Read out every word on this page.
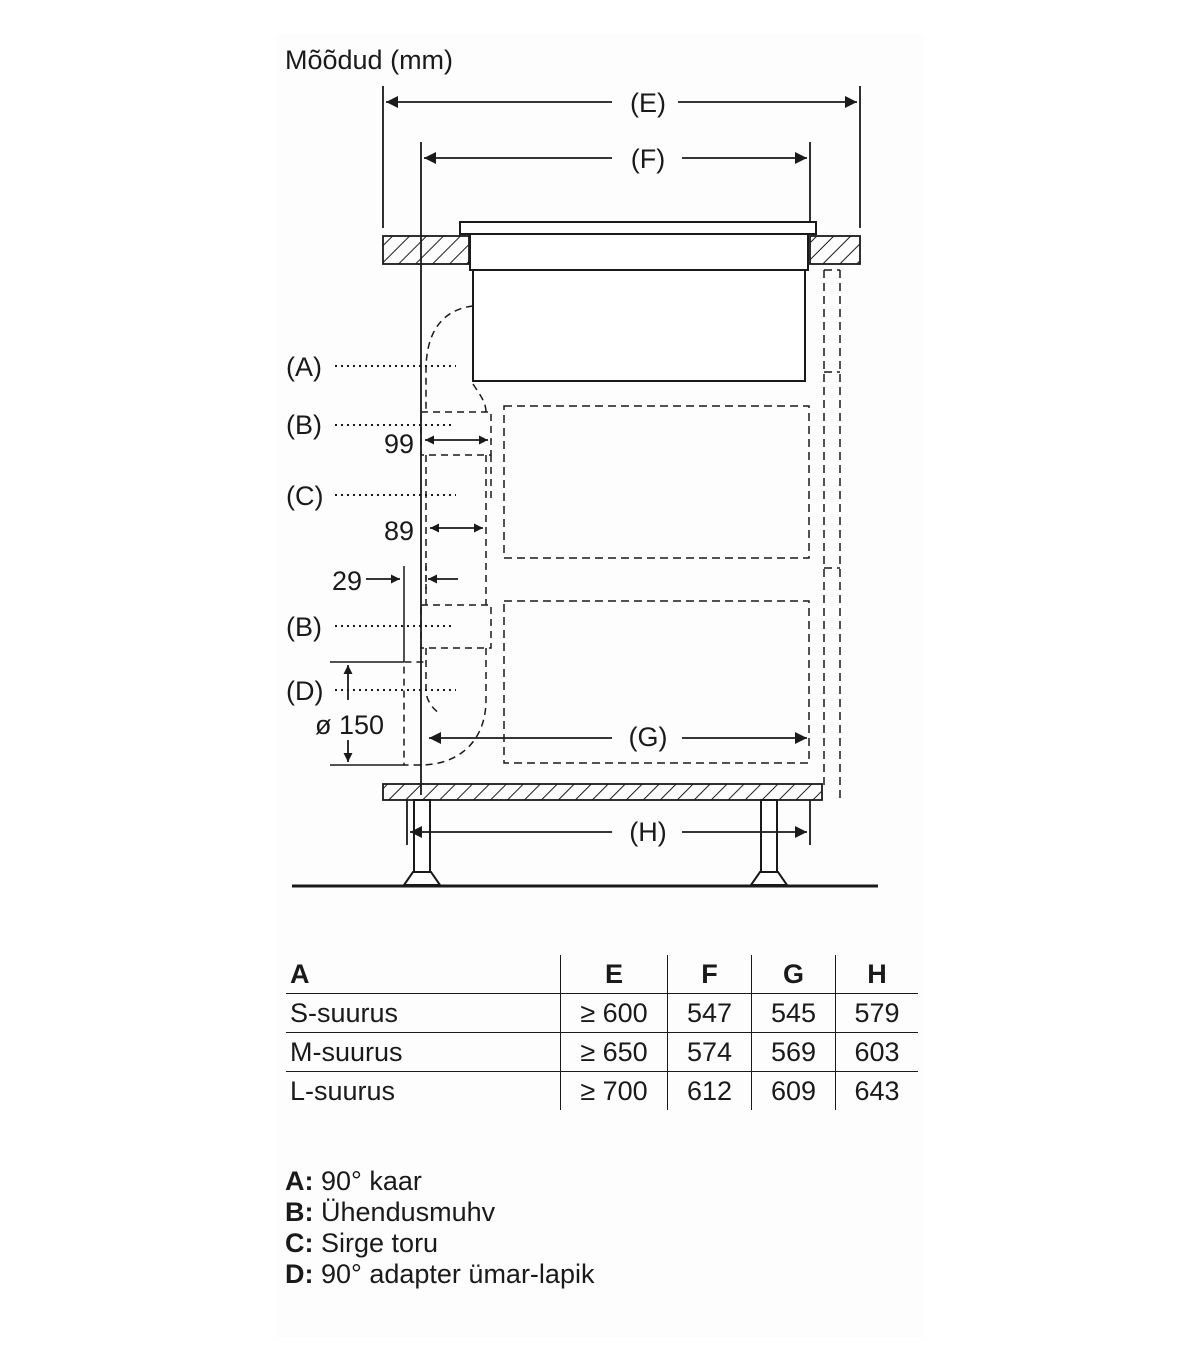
Mõõdud (mm)
(E)
(F)
(A)
(B)
(C)
(B)
(D)
99
89
29
ø 150	(G)
(H)
A	E	F	G	H
S-suurus	≥ 600	547	545	579
M-suurus	≥ 650	574	569	603
L-suurus	≥ 700	612	609	643
A: 90° kaar
B: Ühendusmuhv
C: Sirge toru
D: 90° adapter ümar-lapik
